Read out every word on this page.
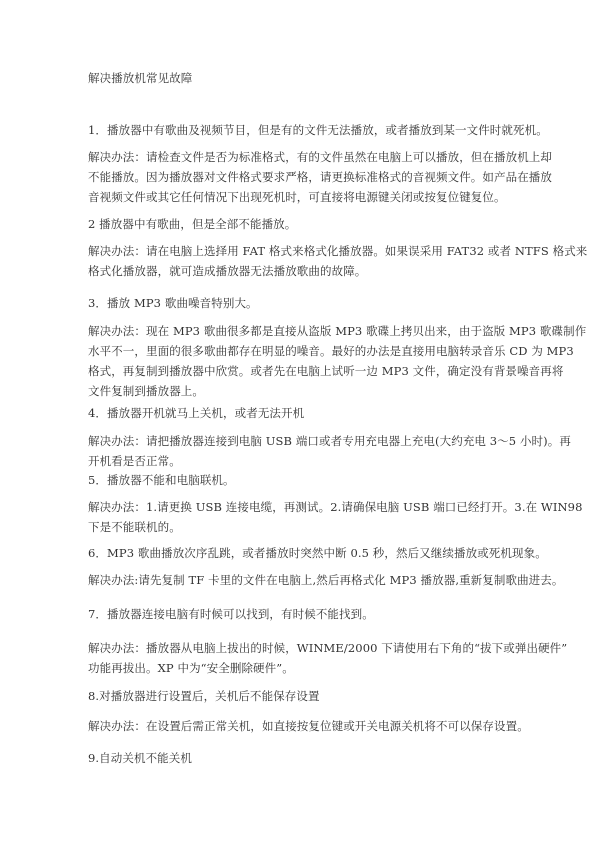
解决播放机常见故障
1．播放器中有歌曲及视频节目，但是有的文件无法播放，或者播放到某一文件时就死机。
解决办法：请检查文件是否为标准格式，有的文件虽然在电脑上可以播放，但在播放机上却
不能播放。因为播放器对文件格式要求严格，请更换标准格式的音视频文件。如产品在播放
音视频文件或其它任何情况下出现死机时，可直接将电源键关闭或按复位键复位。
2 播放器中有歌曲，但是全部不能播放。
解决办法：请在电脑上选择用 FAT 格式来格式化播放器。如果误采用 FAT32 或者 NTFS 格式来
格式化播放器，就可造成播放器无法播放歌曲的故障。
3．播放 MP3 歌曲噪音特别大。
解决办法：现在 MP3 歌曲很多都是直接从盗版 MP3 歌碟上拷贝出来，由于盗版 MP3 歌碟制作
水平不一，里面的很多歌曲都存在明显的噪音。最好的办法是直接用电脑转录音乐 CD 为 MP3
格式，再复制到播放器中欣赏。或者先在电脑上试听一边 MP3 文件，确定没有背景噪音再将
文件复制到播放器上。
4．播放器开机就马上关机，或者无法开机
解决办法：请把播放器连接到电脑 USB 端口或者专用充电器上充电(大约充电 3～5 小时)。再
开机看是否正常。
5．播放器不能和电脑联机。
解决办法：1.请更换 USB 连接电缆，再测试。2.请确保电脑 USB 端口已经打开。3.在 WIN98
下是不能联机的。
6．MP3 歌曲播放次序乱跳，或者播放时突然中断 0.5 秒，然后又继续播放或死机现象。
解决办法:请先复制 TF 卡里的文件在电脑上,然后再格式化 MP3 播放器,重新复制歌曲进去。
7．播放器连接电脑有时候可以找到，有时候不能找到。
解决办法：播放器从电脑上拔出的时候，WINME/2000 下请使用右下角的“拔下或弹出硬件”
功能再拔出。XP 中为“安全删除硬件”。
8.对播放器进行设置后，关机后不能保存设置
解决办法：在设置后需正常关机，如直接按复位键或开关电源关机将不可以保存设置。
9.自动关机不能关机
